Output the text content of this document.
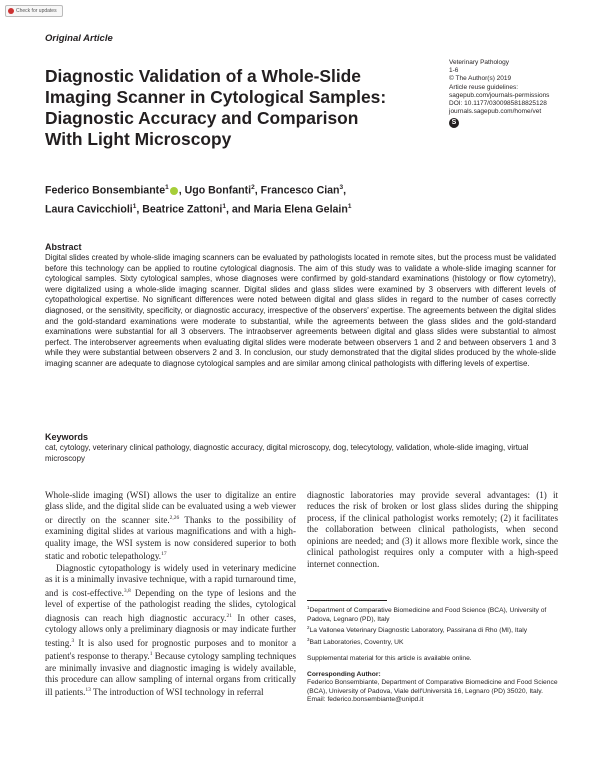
Check for updates
Original Article
Veterinary Pathology
1-6
© The Author(s) 2019
Article reuse guidelines:
sagepub.com/journals-permissions
DOI: 10.1177/0300985818825128
journals.sagepub.com/home/vet
S
Diagnostic Validation of a Whole-Slide Imaging Scanner in Cytological Samples: Diagnostic Accuracy and Comparison With Light Microscopy
Federico Bonsembiante$^1$ , Ugo Bonfanti$^2$, Francesco Cian$^3$,
Laura Cavicchioli$^1$, Beatrice Zattoni$^1$, and Maria Elena Gelain$^1$
Abstract
Digital slides created by whole-slide imaging scanners can be evaluated by pathologists located in remote sites, but the process must be validated before this technology can be applied to routine cytological diagnosis. The aim of this study was to validate a whole-slide imaging scanner for cytological samples. Sixty cytological samples, whose diagnoses were confirmed by gold-standard examinations (histology or flow cytometry), were digitalized using a whole-slide imaging scanner. Digital slides and glass slides were examined by 3 observers with different levels of cytopathological expertise. No significant differences were noted between digital and glass slides in regard to the number of cases correctly diagnosed, or the sensitivity, specificity, or diagnostic accuracy, irrespective of the observers' expertise. The agreements between the digital slides and the gold-standard examinations were moderate to substantial, while the agreements between the glass slides and the gold-standard examinations were substantial for all 3 observers. The intraobserver agreements between digital and glass slides were substantial to almost perfect. The interobserver agreements when evaluating digital slides were moderate between observers 1 and 2 and between observers 1 and 3 while they were substantial between observers 2 and 3. In conclusion, our study demonstrated that the digital slides produced by the whole-slide imaging scanner are adequate to diagnose cytological samples and are similar among clinical pathologists with differing levels of expertise.
Keywords
cat, cytology, veterinary clinical pathology, diagnostic accuracy, digital microscopy, dog, telecytology, validation, whole-slide imaging, virtual microscopy

Whole-slide imaging (WSI) allows the user to digitalize an entire glass slide, and the digital slide can be evaluated using a web viewer or directly on the scanner site.$^{2,26}$ Thanks to the possibility of examining digital slides at various magnifications and with a high-quality image, the WSI system is now considered superior to both static and robotic telepathology.$^{17}$

Diagnostic cytopathology is widely used in veterinary medicine as it is a minimally invasive technique, with a rapid turnaround time, and is cost-effective.$^{3,8}$ Depending on the type of lesions and the level of expertise of the pathologist reading the slides, cytological diagnosis can reach high diagnostic accuracy.$^{21}$ In other cases, cytology allows only a preliminary diagnosis or may indicate further testing.$^3$ It is also used for prognostic purposes and to monitor a patient's response to therapy.$^1$ Because cytology sampling techniques are minimally invasive and diagnostic imaging is widely available, this procedure can allow sampling of internal organs from critically ill patients.$^{13}$ The introduction of WSI technology in referral

diagnostic laboratories may provide several advantages: (1) it reduces the risk of broken or lost glass slides during the shipping process, if the clinical pathologist works remotely; (2) it facilitates the collaboration between clinical pathologists, when second opinions are needed; and (3) it allows more flexible work, since the clinical pathologist requires only a computer with a high-speed internet connection.

$^1$Department of Comparative Biomedicine and Food Science (BCA), University of Padova, Legnaro (PD), Italy
$^2$La Vallonea Veterinary Diagnostic Laboratory, Passirana di Rho (MI), Italy
$^3$Batt Laboratories, Coventry, UK
Supplemental material for this article is available online.
Corresponding Author:
Federico Bonsembiante, Department of Comparative Biomedicine and Food Science (BCA), University of Padova, Viale dell'Università 16, Legnaro (PD) 35020, Italy.
Email: federico.bonsembiante@unipd.it
